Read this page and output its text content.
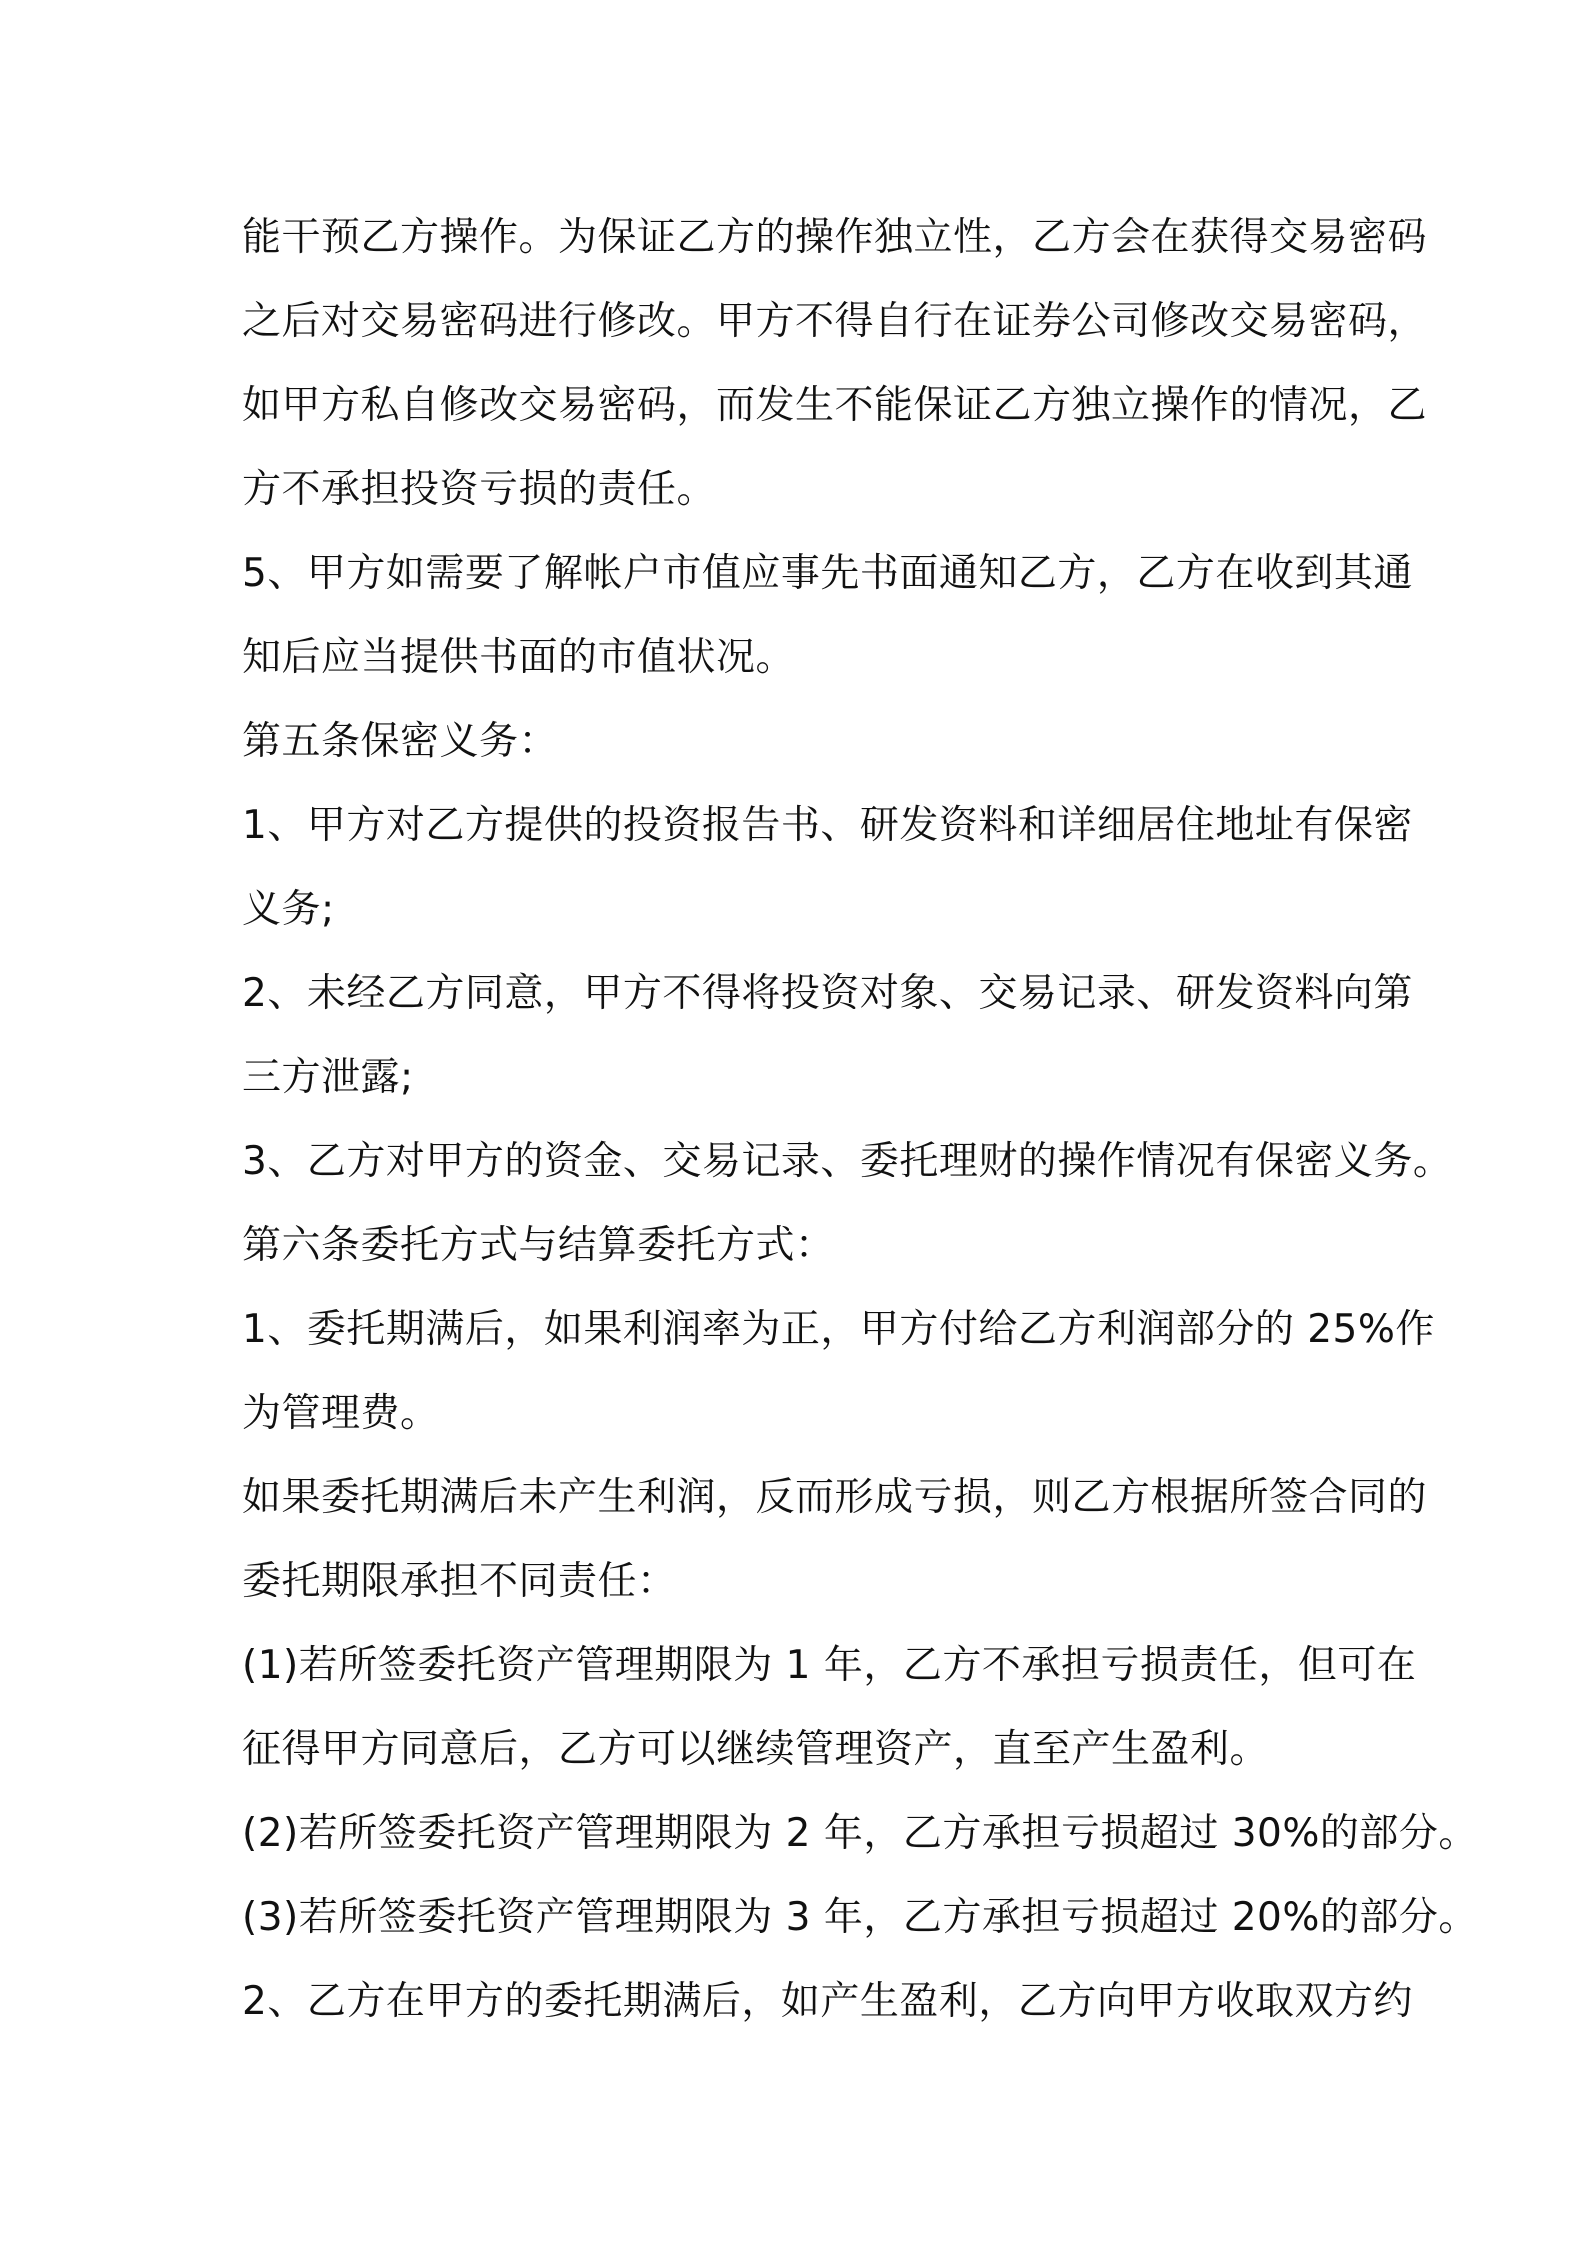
能干预乙方操作。为保证乙方的操作独立性，乙方会在获得交易密码
之后对交易密码进行修改。甲方不得自行在证券公司修改交易密码，
如甲方私自修改交易密码，而发生不能保证乙方独立操作的情况，乙
方不承担投资亏损的责任。
5、甲方如需要了解帐户市值应事先书面通知乙方，乙方在收到其通
知后应当提供书面的市值状况。
第五条保密义务：
1、甲方对乙方提供的投资报告书、研发资料和详细居住地址有保密
义务;
2、未经乙方同意，甲方不得将投资对象、交易记录、研发资料向第
三方泄露;
3、乙方对甲方的资金、交易记录、委托理财的操作情况有保密义务。
第六条委托方式与结算委托方式：
1、委托期满后，如果利润率为正，甲方付给乙方利润部分的 25%作
为管理费。
如果委托期满后未产生利润，反而形成亏损，则乙方根据所签合同的
委托期限承担不同责任：
(1)若所签委托资产管理期限为 1 年，乙方不承担亏损责任，但可在
征得甲方同意后，乙方可以继续管理资产，直至产生盈利。
(2)若所签委托资产管理期限为 2 年，乙方承担亏损超过 30%的部分。
(3)若所签委托资产管理期限为 3 年，乙方承担亏损超过 20%的部分。
2、乙方在甲方的委托期满后，如产生盈利，乙方向甲方收取双方约
